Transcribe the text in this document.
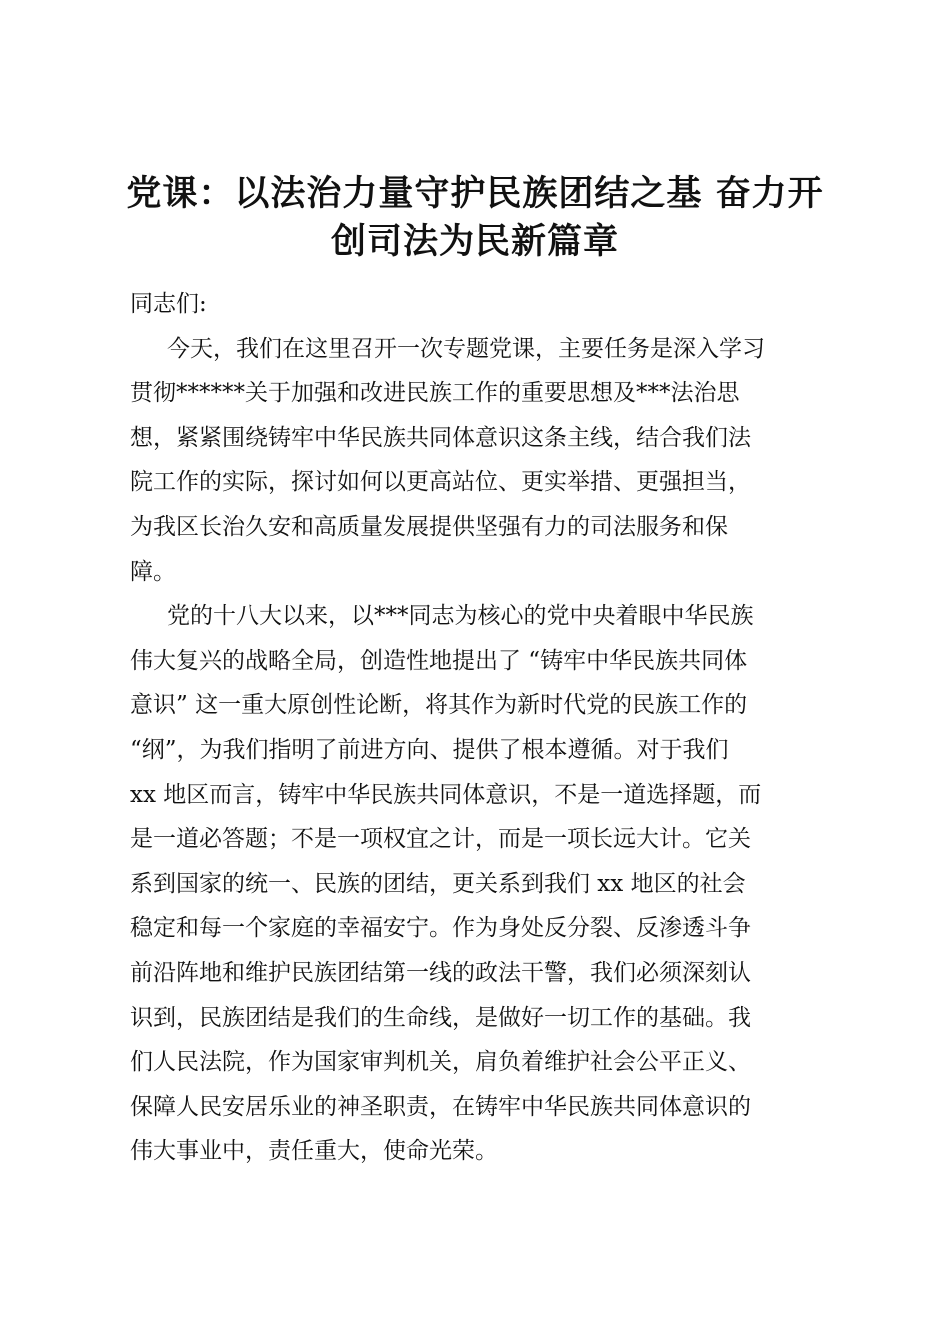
党课：以法治力量守护民族团结之基 奋力开
创司法为民新篇章
同志们:
今天，我们在这里召开一次专题党课，主要任务是深入学习
贯彻******关于加强和改进民族工作的重要思想及***法治思
想，紧紧围绕铸牢中华民族共同体意识这条主线，结合我们法
院工作的实际，探讨如何以更高站位、更实举措、更强担当，
为我区长治久安和高质量发展提供坚强有力的司法服务和保
障。
党的十八大以来，以***同志为核心的党中央着眼中华民族
伟大复兴的战略全局，创造性地提出了 “铸牢中华民族共同体
意识” 这一重大原创性论断，将其作为新时代党的民族工作的
“纲”，为我们指明了前进方向、提供了根本遵循。对于我们
xx 地区而言，铸牢中华民族共同体意识，不是一道选择题，而
是一道必答题；不是一项权宜之计，而是一项长远大计。它关
系到国家的统一、民族的团结，更关系到我们 xx 地区的社会
稳定和每一个家庭的幸福安宁。作为身处反分裂、反渗透斗争
前沿阵地和维护民族团结第一线的政法干警，我们必须深刻认
识到，民族团结是我们的生命线，是做好一切工作的基础。我
们人民法院，作为国家审判机关，肩负着维护社会公平正义、
保障人民安居乐业的神圣职责，在铸牢中华民族共同体意识的
伟大事业中，责任重大，使命光荣。
